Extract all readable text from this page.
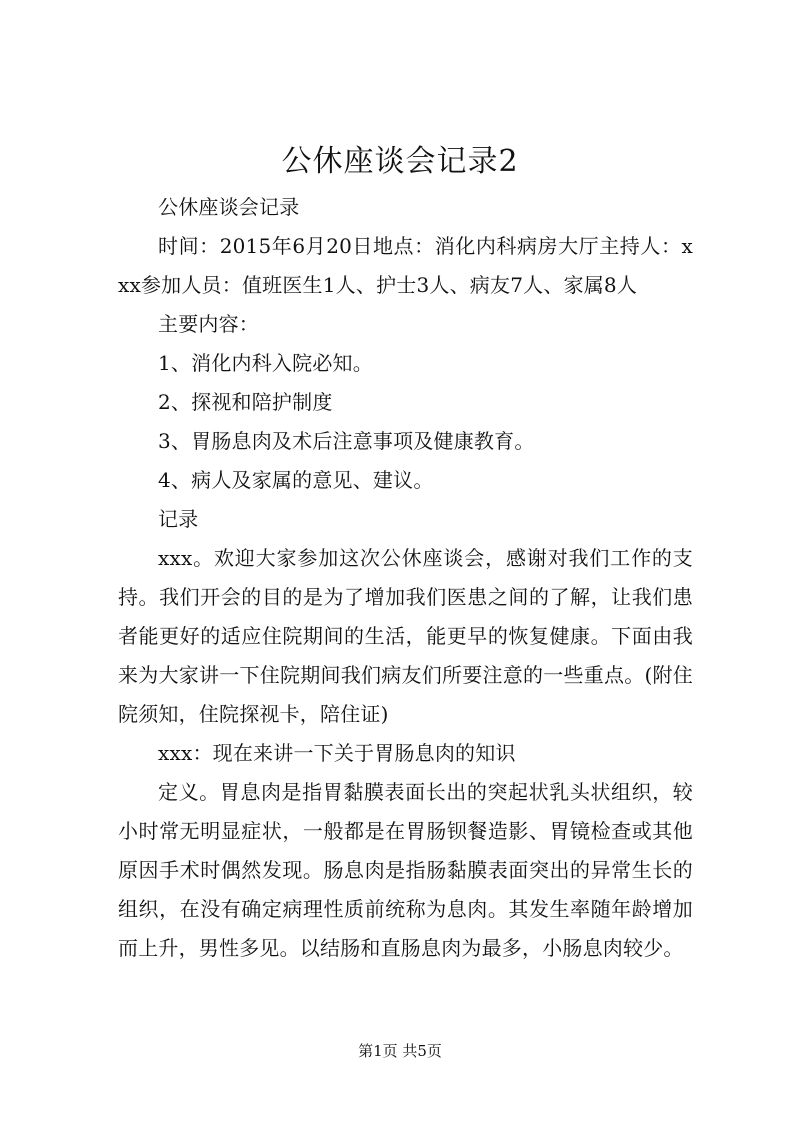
公休座谈会记录2

公休座谈会记录

时间：2015年6月20日地点：消化内科病房大厅主持人：xxx参加人员：值班医生1人、护士3人、病友7人、家属8人

主要内容：

1、消化内科入院必知。

2、探视和陪护制度

3、胃肠息肉及术后注意事项及健康教育。

4、病人及家属的意见、建议。

记录

xxx。欢迎大家参加这次公休座谈会，感谢对我们工作的支持。我们开会的目的是为了增加我们医患之间的了解，让我们患者能更好的适应住院期间的生活，能更早的恢复健康。下面由我来为大家讲一下住院期间我们病友们所要注意的一些重点。(附住院须知，住院探视卡，陪住证)

xxx：现在来讲一下关于胃肠息肉的知识

定义。胃息肉是指胃黏膜表面长出的突起状乳头状组织，较小时常无明显症状，一般都是在胃肠钡餐造影、胃镜检查或其他原因手术时偶然发现。肠息肉是指肠黏膜表面突出的异常生长的组织，在没有确定病理性质前统称为息肉。其发生率随年龄增加而上升，男性多见。以结肠和直肠息肉为最多，小肠息肉较少。

第1页 共5页
